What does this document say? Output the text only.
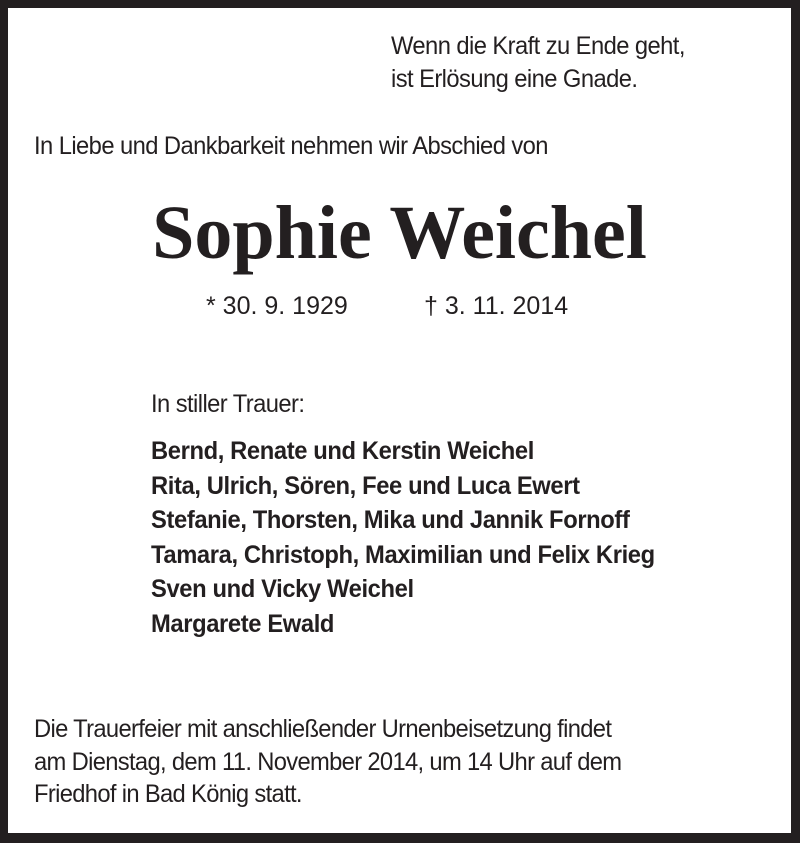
Wenn die Kraft zu Ende geht,
ist Erlösung eine Gnade.
In Liebe und Dankbarkeit nehmen wir Abschied von
Sophie Weichel
* 30. 9. 1929	† 3. 11. 2014
In stiller Trauer:
Bernd, Renate und Kerstin Weichel
Rita, Ulrich, Sören, Fee und Luca Ewert
Stefanie, Thorsten, Mika und Jannik Fornoff
Tamara, Christoph, Maximilian und Felix Krieg
Sven und Vicky Weichel
Margarete Ewald
Die Trauerfeier mit anschließender Urnenbeisetzung findet
am Dienstag, dem 11. November 2014, um 14 Uhr auf dem
Friedhof in Bad König statt.
